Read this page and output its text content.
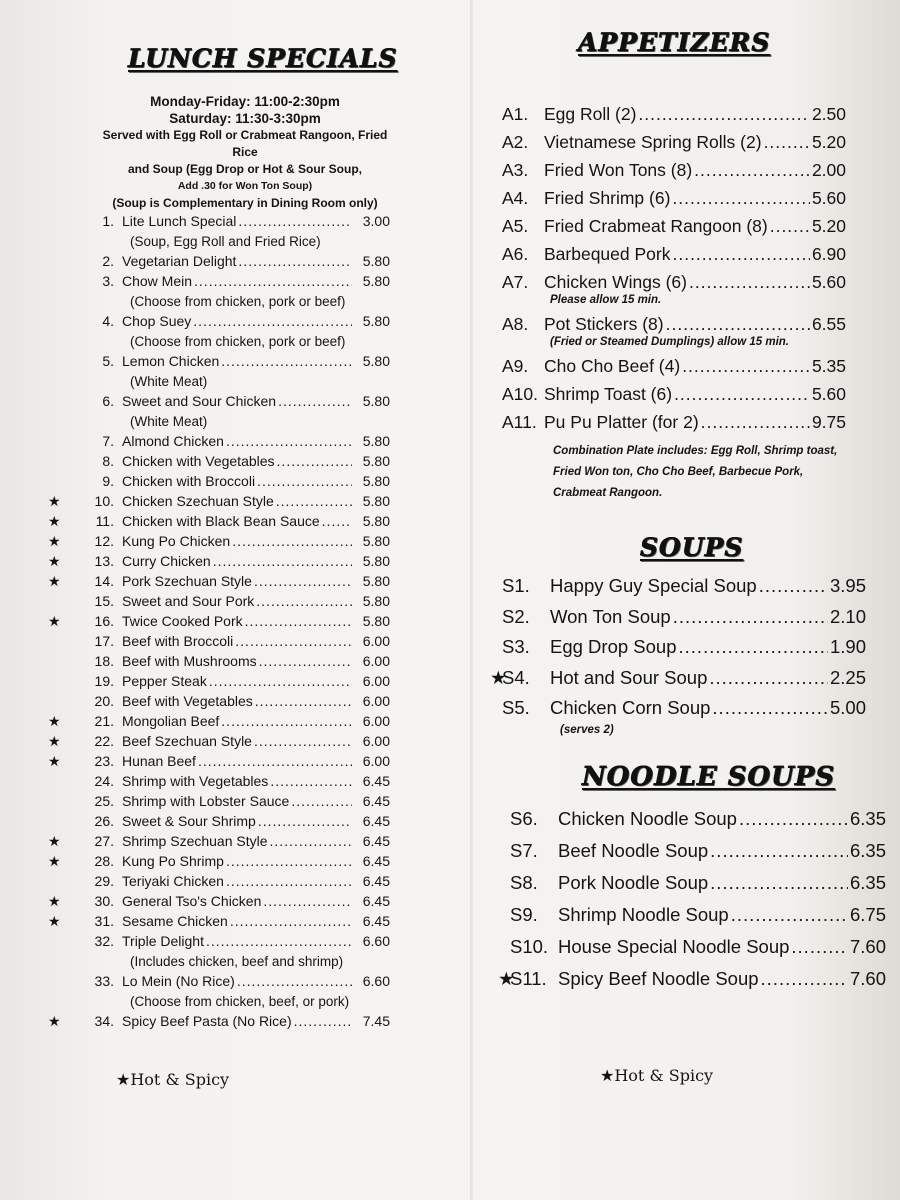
LUNCH SPECIALS
Monday-Friday: 11:00-2:30pm
Saturday: 11:30-3:30pm
Served with Egg Roll or Crabmeat Rangoon, Fried Rice
and Soup (Egg Drop or Hot & Sour Soup,
Add .30 for Won Ton Soup)
(Soup is Complementary in Dining Room only)
1. Lite Lunch Special .....	3.00
(Soup, Egg Roll and Fried Rice)
2. Vegetarian Delight .....	5.80
3. Chow Mein .....	5.80
(Choose from chicken, pork or beef)
4. Chop Suey .....	5.80
(Choose from chicken, pork or beef)
5. Lemon Chicken .....	5.80
(White Meat)
6. Sweet and Sour Chicken .....	5.80
(White Meat)
7. Almond Chicken .....	5.80
8. Chicken with Vegetables .....	5.80
9. Chicken with Broccoli .....	5.80
★	10. Chicken Szechuan Style .....	5.80
★	11. Chicken with Black Bean Sauce .....	5.80
★	12. Kung Po Chicken .....	5.80
★	13. Curry Chicken .....	5.80
★	14. Pork Szechuan Style .....	5.80
15. Sweet and Sour Pork .....	5.80
★	16. Twice Cooked Pork .....	5.80
17. Beef with Broccoli .....	6.00
18. Beef with Mushrooms .....	6.00
19. Pepper Steak .....	6.00
20. Beef with Vegetables .....	6.00
★	21. Mongolian Beef .....	6.00
★	22. Beef Szechuan Style .....	6.00
★	23. Hunan Beef .....	6.00
24. Shrimp with Vegetables .....	6.45
25. Shrimp with Lobster Sauce .....	6.45
26. Sweet & Sour Shrimp .....	6.45
★	27. Shrimp Szechuan Style .....	6.45
★	28. Kung Po Shrimp .....	6.45
29. Teriyaki Chicken .....	6.45
★	30. General Tso's Chicken .....	6.45
★	31. Sesame Chicken .....	6.45
32. Triple Delight .....	6.60
(Includes chicken, beef and shrimp)
33. Lo Mein (No Rice) .....	6.60
(Choose from chicken, beef, or pork)
★	34. Spicy Beef Pasta (No Rice) .....	7.45
★Hot & Spicy
APPETIZERS
A1. Egg Roll (2) .....	2.50
A2. Vietnamese Spring Rolls (2) .....	5.20
A3. Fried Won Tons (8) .....	2.00
A4. Fried Shrimp (6) .....	5.60
A5. Fried Crabmeat Rangoon (8) .....	5.20
A6. Barbequed Pork .....	6.90
A7. Chicken Wings (6) .....	5.60
Please allow 15 min.
A8. Pot Stickers (8) .....	6.55
(Fried or Steamed Dumplings) allow 15 min.
A9. Cho Cho Beef (4) .....	5.35
A10. Shrimp Toast (6) .....	5.60
A11. Pu Pu Platter (for 2) .....	9.75
Combination Plate includes: Egg Roll, Shrimp toast,
Fried Won ton, Cho Cho Beef, Barbecue Pork,
Crabmeat Rangoon.
SOUPS
S1.	Happy Guy Special Soup .....	3.95
S2.	Won Ton Soup .....	2.10
S3.	Egg Drop Soup .....	1.90
★
S4.	Hot and Sour Soup .....	2.25
S5.	Chicken Corn Soup .....	5.00
(serves 2)
NOODLE SOUPS
S6.	Chicken Noodle Soup .....	6.35
S7.	Beef Noodle Soup .....	6.35
S8.	Pork Noodle Soup .....	6.35
S9.	Shrimp Noodle Soup .....	6.75
S10. House Special Noodle Soup .....	7.60
★
S11. Spicy Beef Noodle Soup .....	7.60
★Hot & Spicy
